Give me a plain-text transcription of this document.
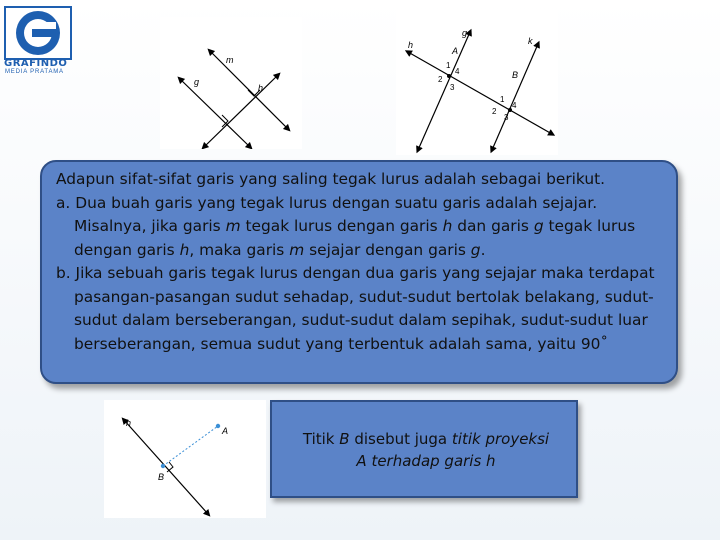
GRAFINDO
MEDIA PRATAMA
m
g
h
g
k
h
A
B
1
2
3
4
1
2
3
4

Adapun sifat-sifat garis yang saling tegak lurus adalah sebagai berikut.

a. Dua buah garis yang tegak lurus dengan suatu garis adalah sejajar. Misalnya, jika garis m tegak lurus dengan garis h dan garis g tegak lurus dengan garis h, maka garis m sejajar dengan garis g.

b. Jika sebuah garis tegak lurus dengan dua garis yang sejajar maka terdapat pasangan-pasangan sudut sehadap, sudut-sudut bertolak belakang, sudut-sudut dalam berseberangan, sudut-sudut dalam sepihak, sudut-sudut luar berseberangan, semua sudut yang terbentuk adalah sama, yaitu 90˚

h
A
B
Titik B disebut juga titik proyeksi
A terhadap garis h
